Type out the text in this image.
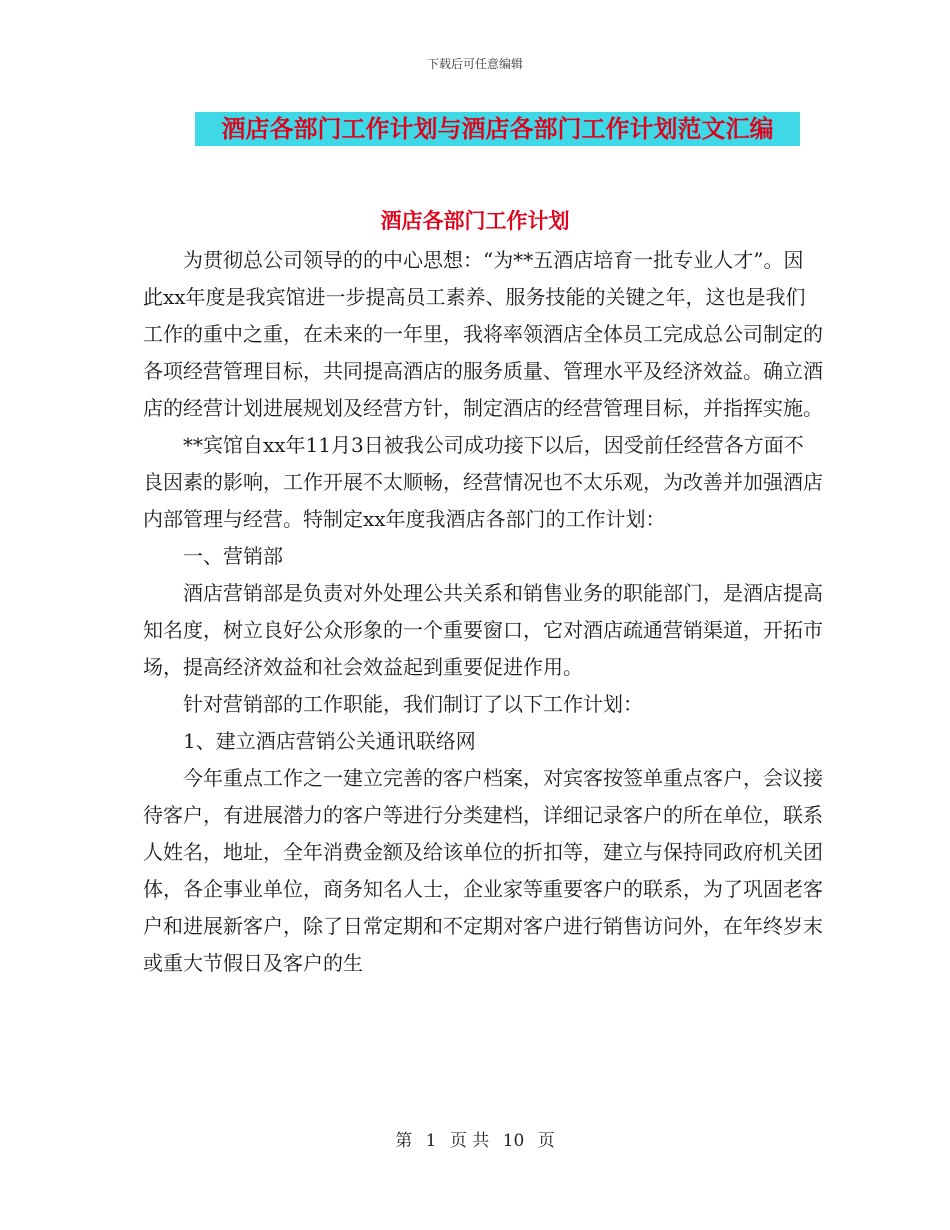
下载后可任意编辑
酒店各部门工作计划与酒店各部门工作计划范文汇编
酒店各部门工作计划

为贯彻总公司领导的的中心思想：“为**五酒店培育一批专业人才”。因此xx年度是我宾馆进一步提高员工素养、服务技能的关键之年，这也是我们工作的重中之重，在未来的一年里，我将率领酒店全体员工完成总公司制定的各项经营管理目标，共同提高酒店的服务质量、管理水平及经济效益。确立酒店的经营计划进展规划及经营方针，制定酒店的经营管理目标，并指挥实施。

**宾馆自xx年11月3日被我公司成功接下以后，因受前任经营各方面不良因素的影响，工作开展不太顺畅，经营情况也不太乐观，为改善并加强酒店内部管理与经营。特制定xx年度我酒店各部门的工作计划：

一、营销部

酒店营销部是负责对外处理公共关系和销售业务的职能部门，是酒店提高知名度，树立良好公众形象的一个重要窗口，它对酒店疏通营销渠道，开拓市场，提高经济效益和社会效益起到重要促进作用。

针对营销部的工作职能，我们制订了以下工作计划：

1、建立酒店营销公关通讯联络网

今年重点工作之一建立完善的客户档案，对宾客按签单重点客户，会议接待客户，有进展潜力的客户等进行分类建档，详细记录客户的所在单位，联系人姓名，地址，全年消费金额及给该单位的折扣等，建立与保持同政府机关团体，各企事业单位，商务知名人士，企业家等重要客户的联系，为了巩固老客户和进展新客户，除了日常定期和不定期对客户进行销售访问外，在年终岁末或重大节假日及客户的生

第 1 页 共 10 页
